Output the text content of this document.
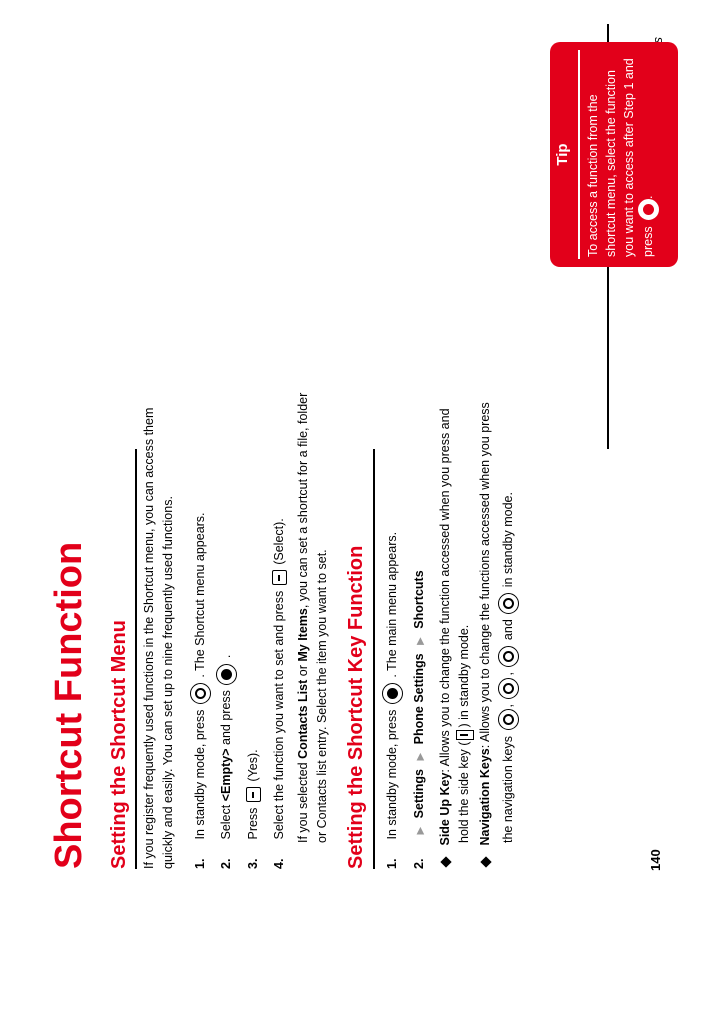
Shortcut Function	140
Setting the Shortcut Menu If you register frequently used functions in the Shortcut menu, you can access them quickly and easily. You can set up to nine frequently used functions. 1. In standby mode, press
. The Shortcut menu appears.
2. Select <Empty> and press
.
3. Press  (Yes).
4. Select the function you want to set and press  (Select).
If you selected Contacts List or My Items, you can set a shortcut for a file, folder
or Contacts list entry. Select the item you want to set. Setting the Shortcut Key Function 1. In standby mode, press
. The main menu appears.
2. ▶ Settings ▶ Phone Settings ▶ Shortcuts
Side Up Key: Allows you to change the function accessed when you press and
hold the side key () in standby mode.
Navigation Keys: Allows you to change the functions accessed when you press
the navigation keys
,
,
and
in standby mode.
Tip To access a function from the shortcut menu, select the function you want to access after Step 1 and press
.
